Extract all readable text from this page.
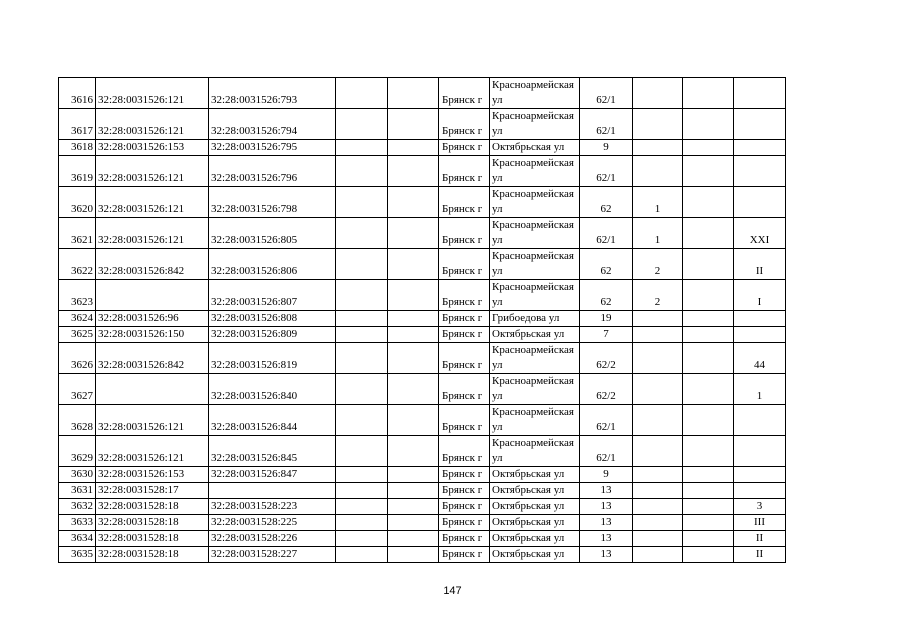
3616	32:28:0031526:121	32:28:0031526:793			Брянск г	Красноармейская ул	62/1			
3617	32:28:0031526:121	32:28:0031526:794			Брянск г	Красноармейская ул	62/1			
3618	32:28:0031526:153	32:28:0031526:795			Брянск г	Октябрьская ул	9			
3619	32:28:0031526:121	32:28:0031526:796			Брянск г	Красноармейская ул	62/1			
3620	32:28:0031526:121	32:28:0031526:798			Брянск г	Красноармейская ул	62	1		
3621	32:28:0031526:121	32:28:0031526:805			Брянск г	Красноармейская ул	62/1	1		XXI
3622	32:28:0031526:842	32:28:0031526:806			Брянск г	Красноармейская ул	62	2		II
3623		32:28:0031526:807			Брянск г	Красноармейская ул	62	2		I
3624	32:28:0031526:96	32:28:0031526:808			Брянск г	Грибоедова ул	19			
3625	32:28:0031526:150	32:28:0031526:809			Брянск г	Октябрьская ул	7			
3626	32:28:0031526:842	32:28:0031526:819			Брянск г	Красноармейская ул	62/2			44
3627		32:28:0031526:840			Брянск г	Красноармейская ул	62/2			1
3628	32:28:0031526:121	32:28:0031526:844			Брянск г	Красноармейская ул	62/1			
3629	32:28:0031526:121	32:28:0031526:845			Брянск г	Красноармейская ул	62/1			
3630	32:28:0031526:153	32:28:0031526:847			Брянск г	Октябрьская ул	9			
3631	32:28:0031528:17				Брянск г	Октябрьская ул	13			
3632	32:28:0031528:18	32:28:0031528:223			Брянск г	Октябрьская ул	13			3
3633	32:28:0031528:18	32:28:0031528:225			Брянск г	Октябрьская ул	13			III
3634	32:28:0031528:18	32:28:0031528:226			Брянск г	Октябрьская ул	13			II
3635	32:28:0031528:18	32:28:0031528:227			Брянск г	Октябрьская ул	13			II
147
